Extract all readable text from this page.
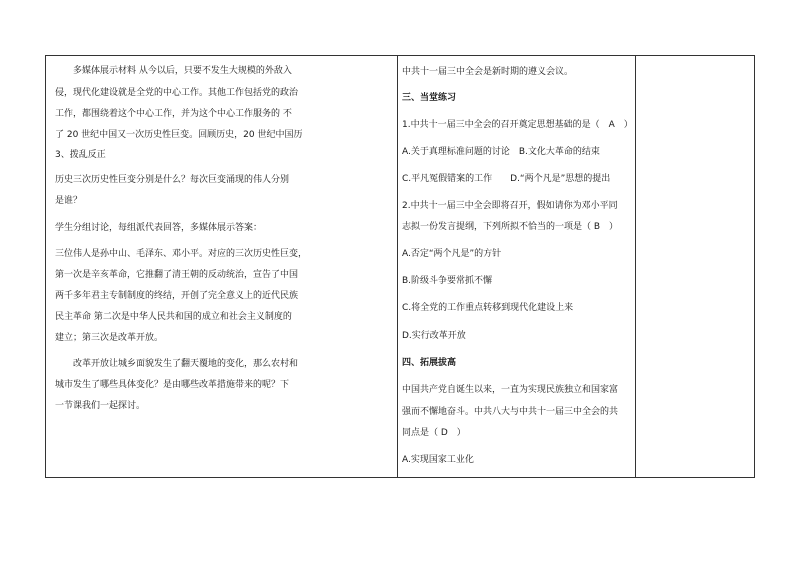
　　多媒体展示材料 从今以后，只要不发生大规模的外敌入
侵，现代化建设就是全党的中心工作。其他工作包括党的政治
工作，都围绕着这个中心工作，并为这个中心工作服务的 不
了 20 世纪中国又一次历史性巨变。回顾历史，20 世纪中国历
3、拨乱反正
历史三次历史性巨变分别是什么？每次巨变涌现的伟人分别
是谁？
学生分组讨论，每组派代表回答，多媒体展示答案：
三位伟人是孙中山、毛泽东、邓小平。对应的三次历史性巨变，
第一次是辛亥革命，它推翻了清王朝的反动统治，宣告了中国
两千多年君主专制制度的终结，开创了完全意义上的近代民族
民主革命 第二次是中华人民共和国的成立和社会主义制度的
建立；第三次是改革开放。
　　改革开放让城乡面貌发生了翻天覆地的变化，那么农村和
城市发生了哪些具体变化？是由哪些改革措施带来的呢？下
一节课我们一起探讨。
中共十一届三中全会是新时期的遵义会议。
三、当堂练习
1.中共十一届三中全会的召开奠定思想基础的是（　A　）
A.关于真理标准问题的讨论　B.文化大革命的结束
C.平凡冤假错案的工作　　D.“两个凡是”思想的提出
2.中共十一届三中全会即将召开，假如请你为邓小平同
志拟一份发言提纲，下列所拟不恰当的一项是（ B　）
A.否定“两个凡是”的方针
B.阶级斗争要常抓不懈
C.将全党的工作重点转移到现代化建设上来
D.实行改革开放
四、拓展拔高
中国共产党自诞生以来，一直为实现民族独立和国家富
强而不懈地奋斗。中共八大与中共十一届三中全会的共
同点是（ D　）
A.实现国家工业化
